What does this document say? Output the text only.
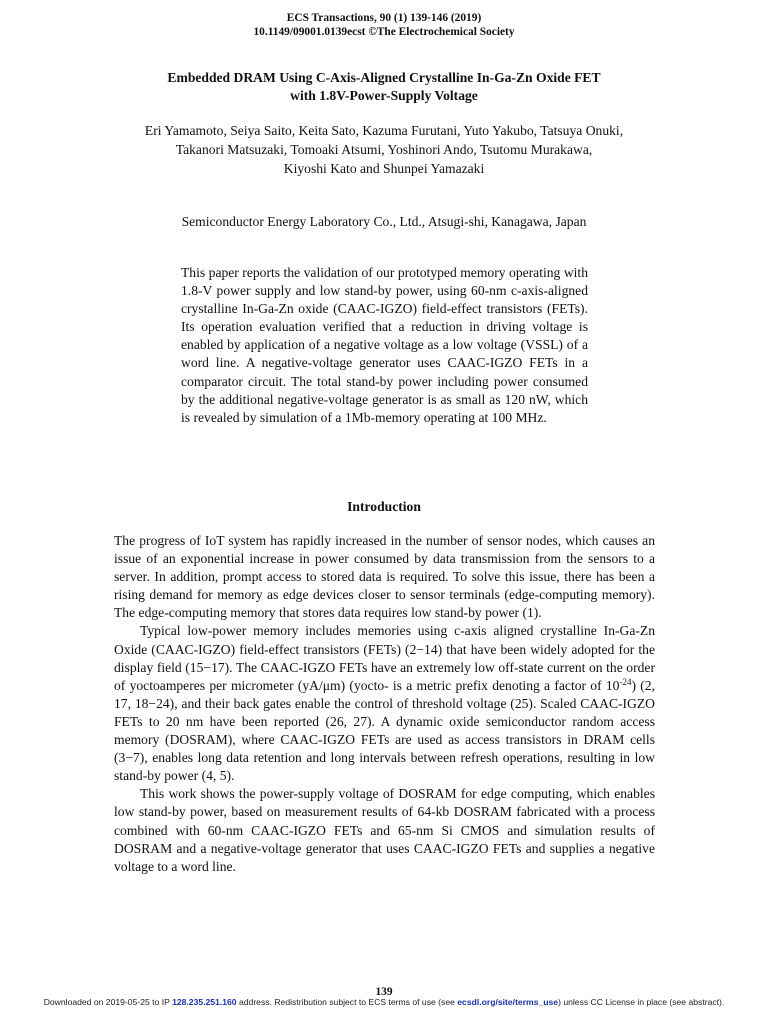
ECS Transactions, 90 (1) 139-146 (2019)
10.1149/09001.0139ecst ©The Electrochemical Society
Embedded DRAM Using C-Axis-Aligned Crystalline In-Ga-Zn Oxide FET
with 1.8V-Power-Supply Voltage
Eri Yamamoto, Seiya Saito, Keita Sato, Kazuma Furutani, Yuto Yakubo, Tatsuya Onuki,
Takanori Matsuzaki, Tomoaki Atsumi, Yoshinori Ando, Tsutomu Murakawa,
Kiyoshi Kato and Shunpei Yamazaki
Semiconductor Energy Laboratory Co., Ltd., Atsugi-shi, Kanagawa, Japan

This paper reports the validation of our prototyped memory operating with 1.8-V power supply and low stand-by power, using 60-nm c-axis-aligned crystalline In-Ga-Zn oxide (CAAC-IGZO) field-effect transistors (FETs). Its operation evaluation verified that a reduction in driving voltage is enabled by application of a negative voltage as a low voltage (VSSL) of a word line. A negative-voltage generator uses CAAC-IGZO FETs in a comparator circuit. The total stand-by power including power consumed by the additional negative-voltage generator is as small as 120 nW, which is revealed by simulation of a 1Mb-memory operating at 100 MHz.

Introduction

The progress of IoT system has rapidly increased in the number of sensor nodes, which causes an issue of an exponential increase in power consumed by data transmission from the sensors to a server. In addition, prompt access to stored data is required. To solve this issue, there has been a rising demand for memory as edge devices closer to sensor terminals (edge-computing memory). The edge-computing memory that stores data requires low stand-by power (1).

Typical low-power memory includes memories using c-axis aligned crystalline In-Ga-Zn Oxide (CAAC-IGZO) field-effect transistors (FETs) (2−14) that have been widely adopted for the display field (15−17). The CAAC-IGZO FETs have an extremely low off-state current on the order of yoctoamperes per micrometer (yA/μm) (yocto- is a metric prefix denoting a factor of $10^{-24}$) (2, 17, 18−24), and their back gates enable the control of threshold voltage (25). Scaled CAAC-IGZO FETs to 20 nm have been reported (26, 27). A dynamic oxide semiconductor random access memory (DOSRAM), where CAAC-IGZO FETs are used as access transistors in DRAM cells (3−7), enables long data retention and long intervals between refresh operations, resulting in low stand-by power (4, 5).

This work shows the power-supply voltage of DOSRAM for edge computing, which enables low stand-by power, based on measurement results of 64-kb DOSRAM fabricated with a process combined with 60-nm CAAC-IGZO FETs and 65-nm Si CMOS and simulation results of DOSRAM and a negative-voltage generator that uses CAAC-IGZO FETs and supplies a negative voltage to a word line.

139
Downloaded on 2019-05-25 to IP 128.235.251.160 address. Redistribution subject to ECS terms of use (see ecsdl.org/site/terms_use) unless CC License in place (see abstract).
